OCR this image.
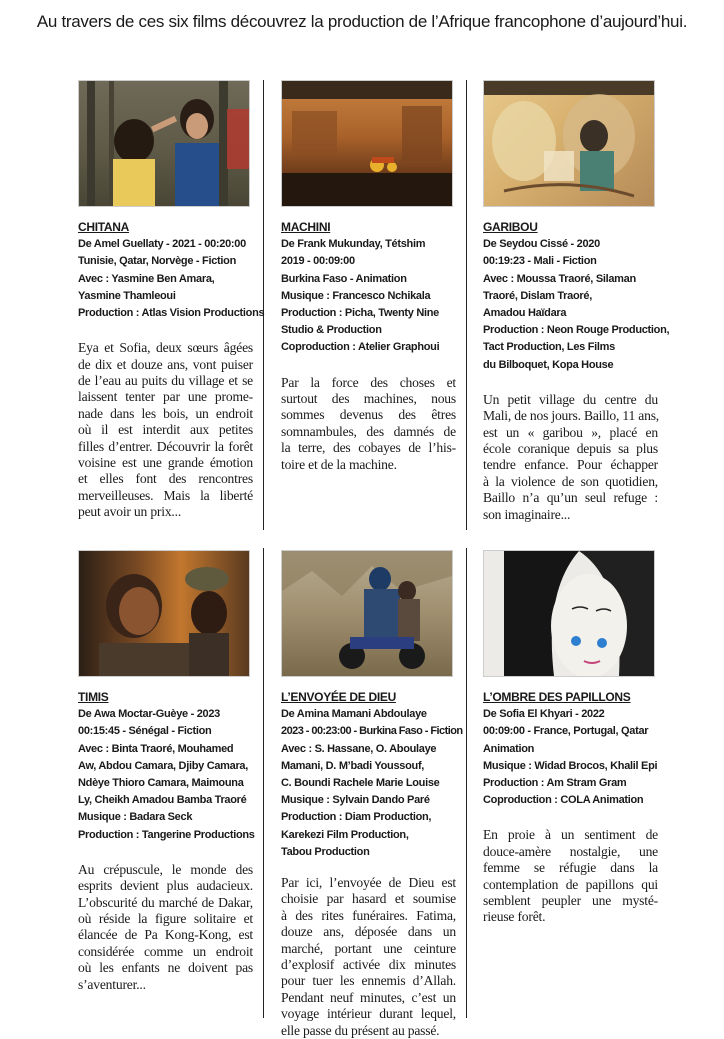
Au travers de ces six films découvrez la production de l’Afrique francophone d’aujourd’hui.
CHITANA
De Amel Guellaty - 2021 - 00:20:00
Tunisie, Qatar, Norvège - Fiction
Avec : Yasmine Ben Amara,
Yasmine Thamleoui
Production : Atlas Vision Productions
Eya et Sofia, deux sœurs âgées
de dix et douze ans, vont puiser
de l’eau au puits du village et se
laissent tenter par une prome-
nade dans les bois, un endroit
où il est interdit aux petites
filles d’entrer. Découvrir la forêt
voisine est une grande émotion
et elles font des rencontres
merveilleuses. Mais la liberté
peut avoir un prix...
MACHINI
De Frank Mukunday, Tétshim
2019 - 00:09:00
Burkina Faso - Animation
Musique : Francesco Nchikala
Production : Picha, Twenty Nine
Studio & Production
Coproduction : Atelier Graphoui
Par la force des choses et
surtout des machines, nous
sommes devenus des êtres
somnambules, des damnés de
la terre, des cobayes de l’his-
toire et de la machine.
GARIBOU
De Seydou Cissé - 2020
00:19:23 - Mali - Fiction
Avec : Moussa Traoré, Silaman
Traoré, Dislam Traoré,
Amadou Haïdara
Production : Neon Rouge Production,
Tact Production, Les Films
du Bilboquet, Kopa House
Un petit village du centre du
Mali, de nos jours. Baillo, 11 ans,
est un « garibou », placé en
école coranique depuis sa plus
tendre enfance. Pour échapper
à la violence de son quotidien,
Baillo n’a qu’un seul refuge :
son imaginaire...
TIMIS
De Awa Moctar-Guèye - 2023
00:15:45 - Sénégal - Fiction
Avec : Binta Traoré, Mouhamed
Aw, Abdou Camara, Djiby Camara,
Ndèye Thioro Camara, Maimouna
Ly, Cheikh Amadou Bamba Traoré
Musique : Badara Seck
Production : Tangerine Productions
Au crépuscule, le monde des
esprits devient plus audacieux.
L’obscurité du marché de Dakar,
où réside la figure solitaire et
élancée de Pa Kong-Kong, est
considérée comme un endroit
où les enfants ne doivent pas
s’aventurer...
L’ENVOYÉE DE DIEU
De Amina Mamani Abdoulaye
2023 - 00:23:00 - Burkina Faso - Fiction
Avec : S. Hassane, O. Aboulaye
Mamani, D. M’badi Youssouf,
C. Boundi Rachele Marie Louise
Musique : Sylvain Dando Paré
Production : Diam Production,
Karekezi Film Production,
Tabou Production
Par ici, l’envoyée de Dieu est
choisie par hasard et soumise
à des rites funéraires. Fatima,
douze ans, déposée dans un
marché, portant une ceinture
d’explosif activée dix minutes
pour tuer les ennemis d’Allah.
Pendant neuf minutes, c’est un
voyage intérieur durant lequel,
elle passe du présent au passé.
L’OMBRE DES PAPILLONS
De Sofia El Khyari - 2022
00:09:00 - France, Portugal, Qatar
Animation
Musique : Widad Brocos, Khalil Epi
Production : Am Stram Gram
Coproduction : COLA Animation
En proie à un sentiment de
douce-amère nostalgie, une
femme se réfugie dans la
contemplation de papillons qui
semblent peupler une mysté-
rieuse forêt.
